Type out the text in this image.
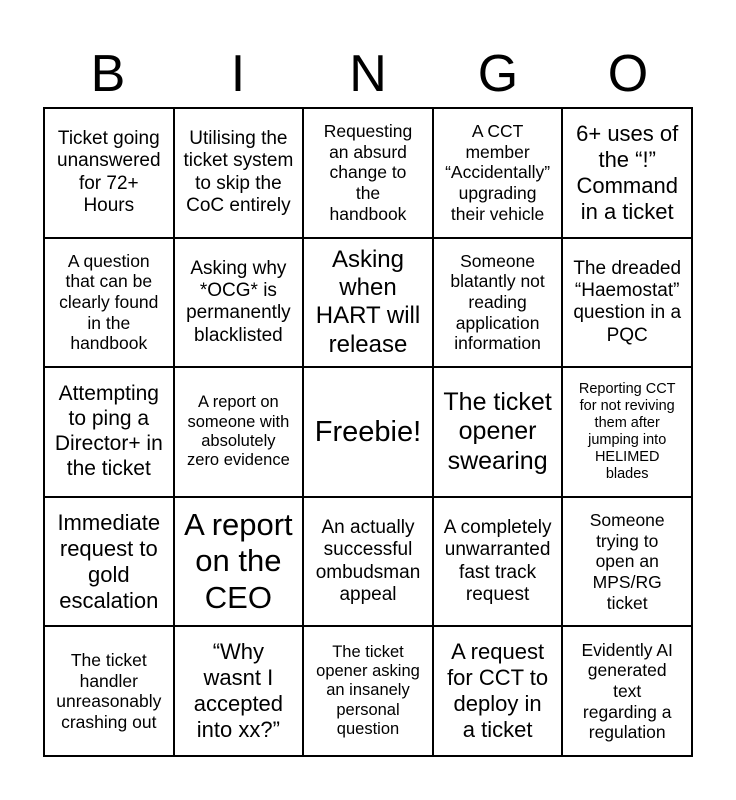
B	I	N	G	O
Ticket going
unanswered
for 72+
Hours
Utilising the
ticket system
to skip the
CoC entirely
Requesting
an absurd
change to
the
handbook
A CCT
member
“Accidentally”
upgrading
their vehicle
6+ uses of
the “!”
Command
in a ticket
A question
that can be
clearly found
in the
handbook
Asking why
*OCG* is
permanently
blacklisted
Asking
when
HART will
release
Someone
blatantly not
reading
application
information
The dreaded
“Haemostat”
question in a
PQC
Attempting
to ping a
Director+ in
the ticket
A report on
someone with
absolutely
zero evidence
Freebie!
The ticket
opener
swearing
Reporting CCT
for not reviving
them after
jumping into
HELIMED
blades
Immediate
request to
gold
escalation
A report
on the
CEO
An actually
successful
ombudsman
appeal
A completely
unwarranted
fast track
request
Someone
trying to
open an
MPS/RG
ticket
The ticket
handler
unreasonably
crashing out
“Why
wasnt I
accepted
into xx?”
The ticket
opener asking
an insanely
personal
question
A request
for CCT to
deploy in
a ticket
Evidently AI
generated
text
regarding a
regulation
